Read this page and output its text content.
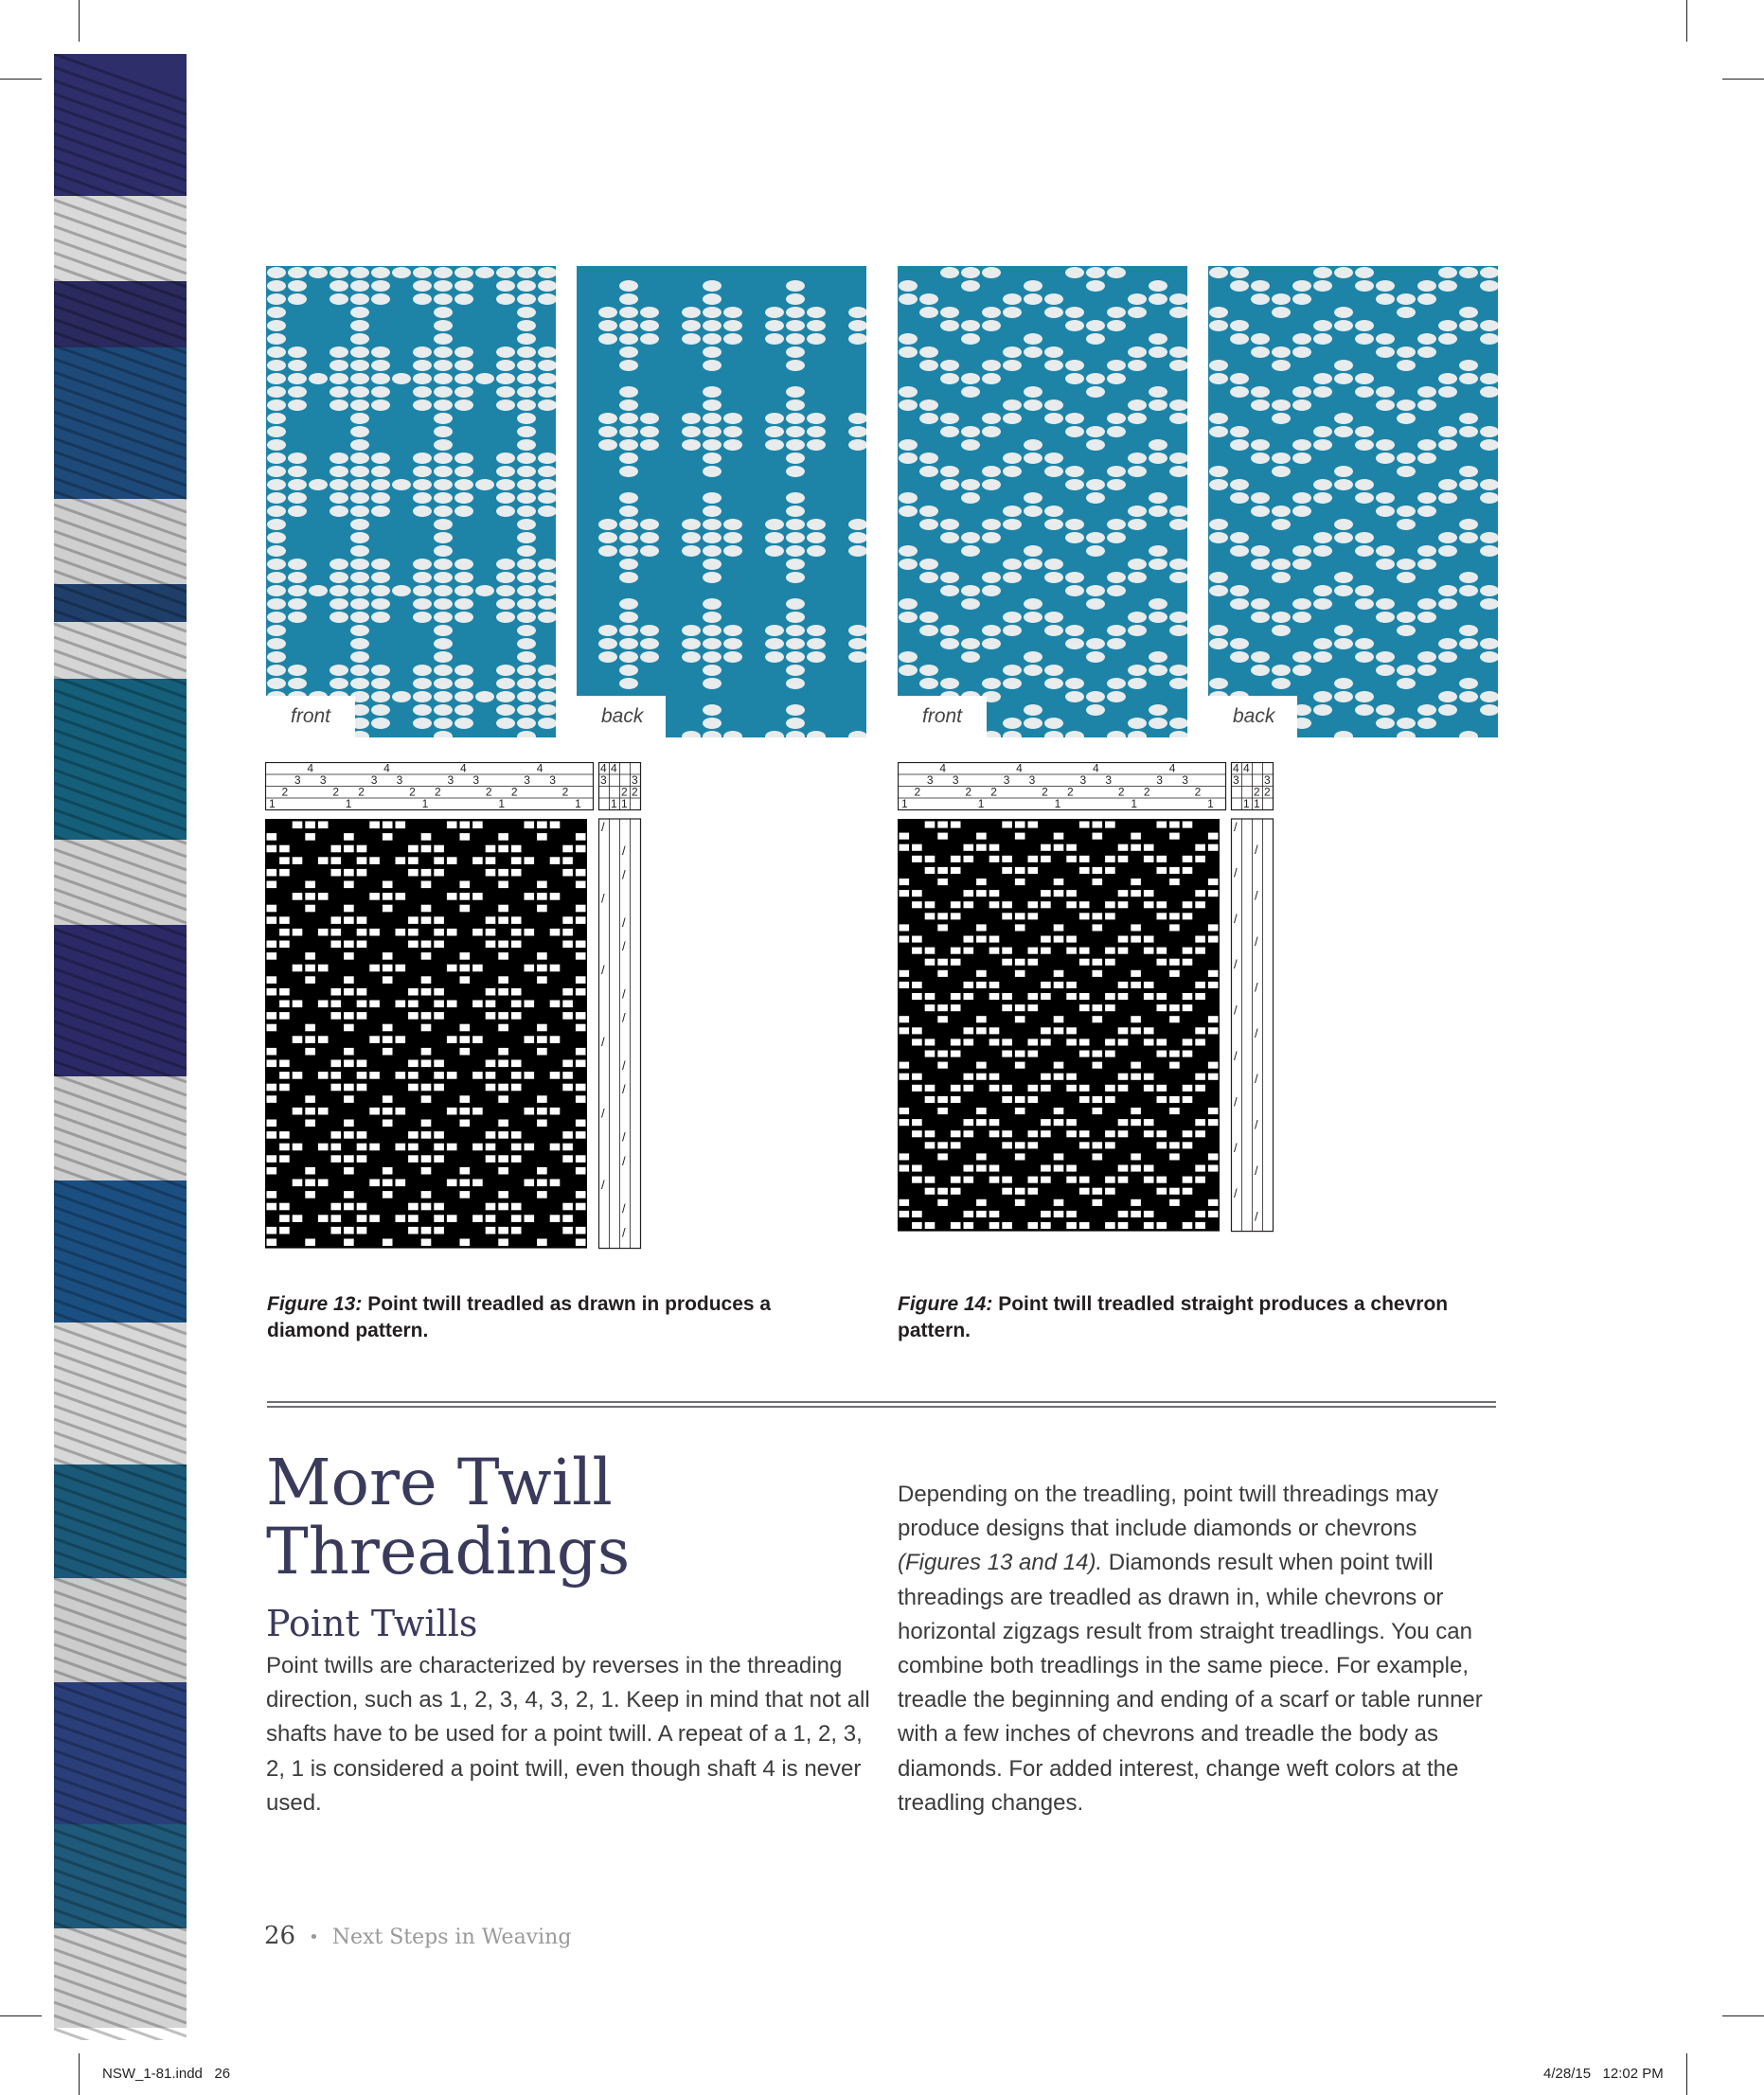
front	back	front	back
1
2
3
4
3
2
1
2
3
4
3
2
1
2
3
4
3
2
1
2
3
4
3
2
1
4 4
3 3
2 2
1 1
/
/
/
/
/
/
/
/
/
/
/
/
/
/
/
/
/
/
1
2
3
4
3
2
1
2
3
4
3
2
1
2
3
4
3
2
1
2
3
4
3
2
1
4 4
3 3
2 2
1 1
/
/
/
/
/
/
/
/
/
/
/
/
/
/
/
/
/
/
Figure 13: Point twill treadled as drawn in produces a diamond pattern.
Figure 14: Point twill treadled straight produces a chevron pattern.
More Twill Threadings
Point Twills

Point twills are characterized by reverses in the threading direction, such as 1, 2, 3, 4, 3, 2, 1. Keep in mind that not all shafts have to be used for a point twill. A repeat of a 1, 2, 3, 2, 1 is considered a point twill, even though shaft 4 is never used.

Depending on the treadling, point twill threadings may produce designs that include diamonds or chevrons (Figures 13 and 14). Diamonds result when point twill threadings are treadled as drawn in, while chevrons or horizontal zigzags result from straight treadlings. You can combine both treadlings in the same piece. For example, treadle the beginning and ending of a scarf or table runner with a few inches of chevrons and treadle the body as diamonds. For added interest, change weft colors at the treadling changes.

26 • Next Steps in Weaving
NSW_1-81.indd   26	4/28/15   12:02 PM
